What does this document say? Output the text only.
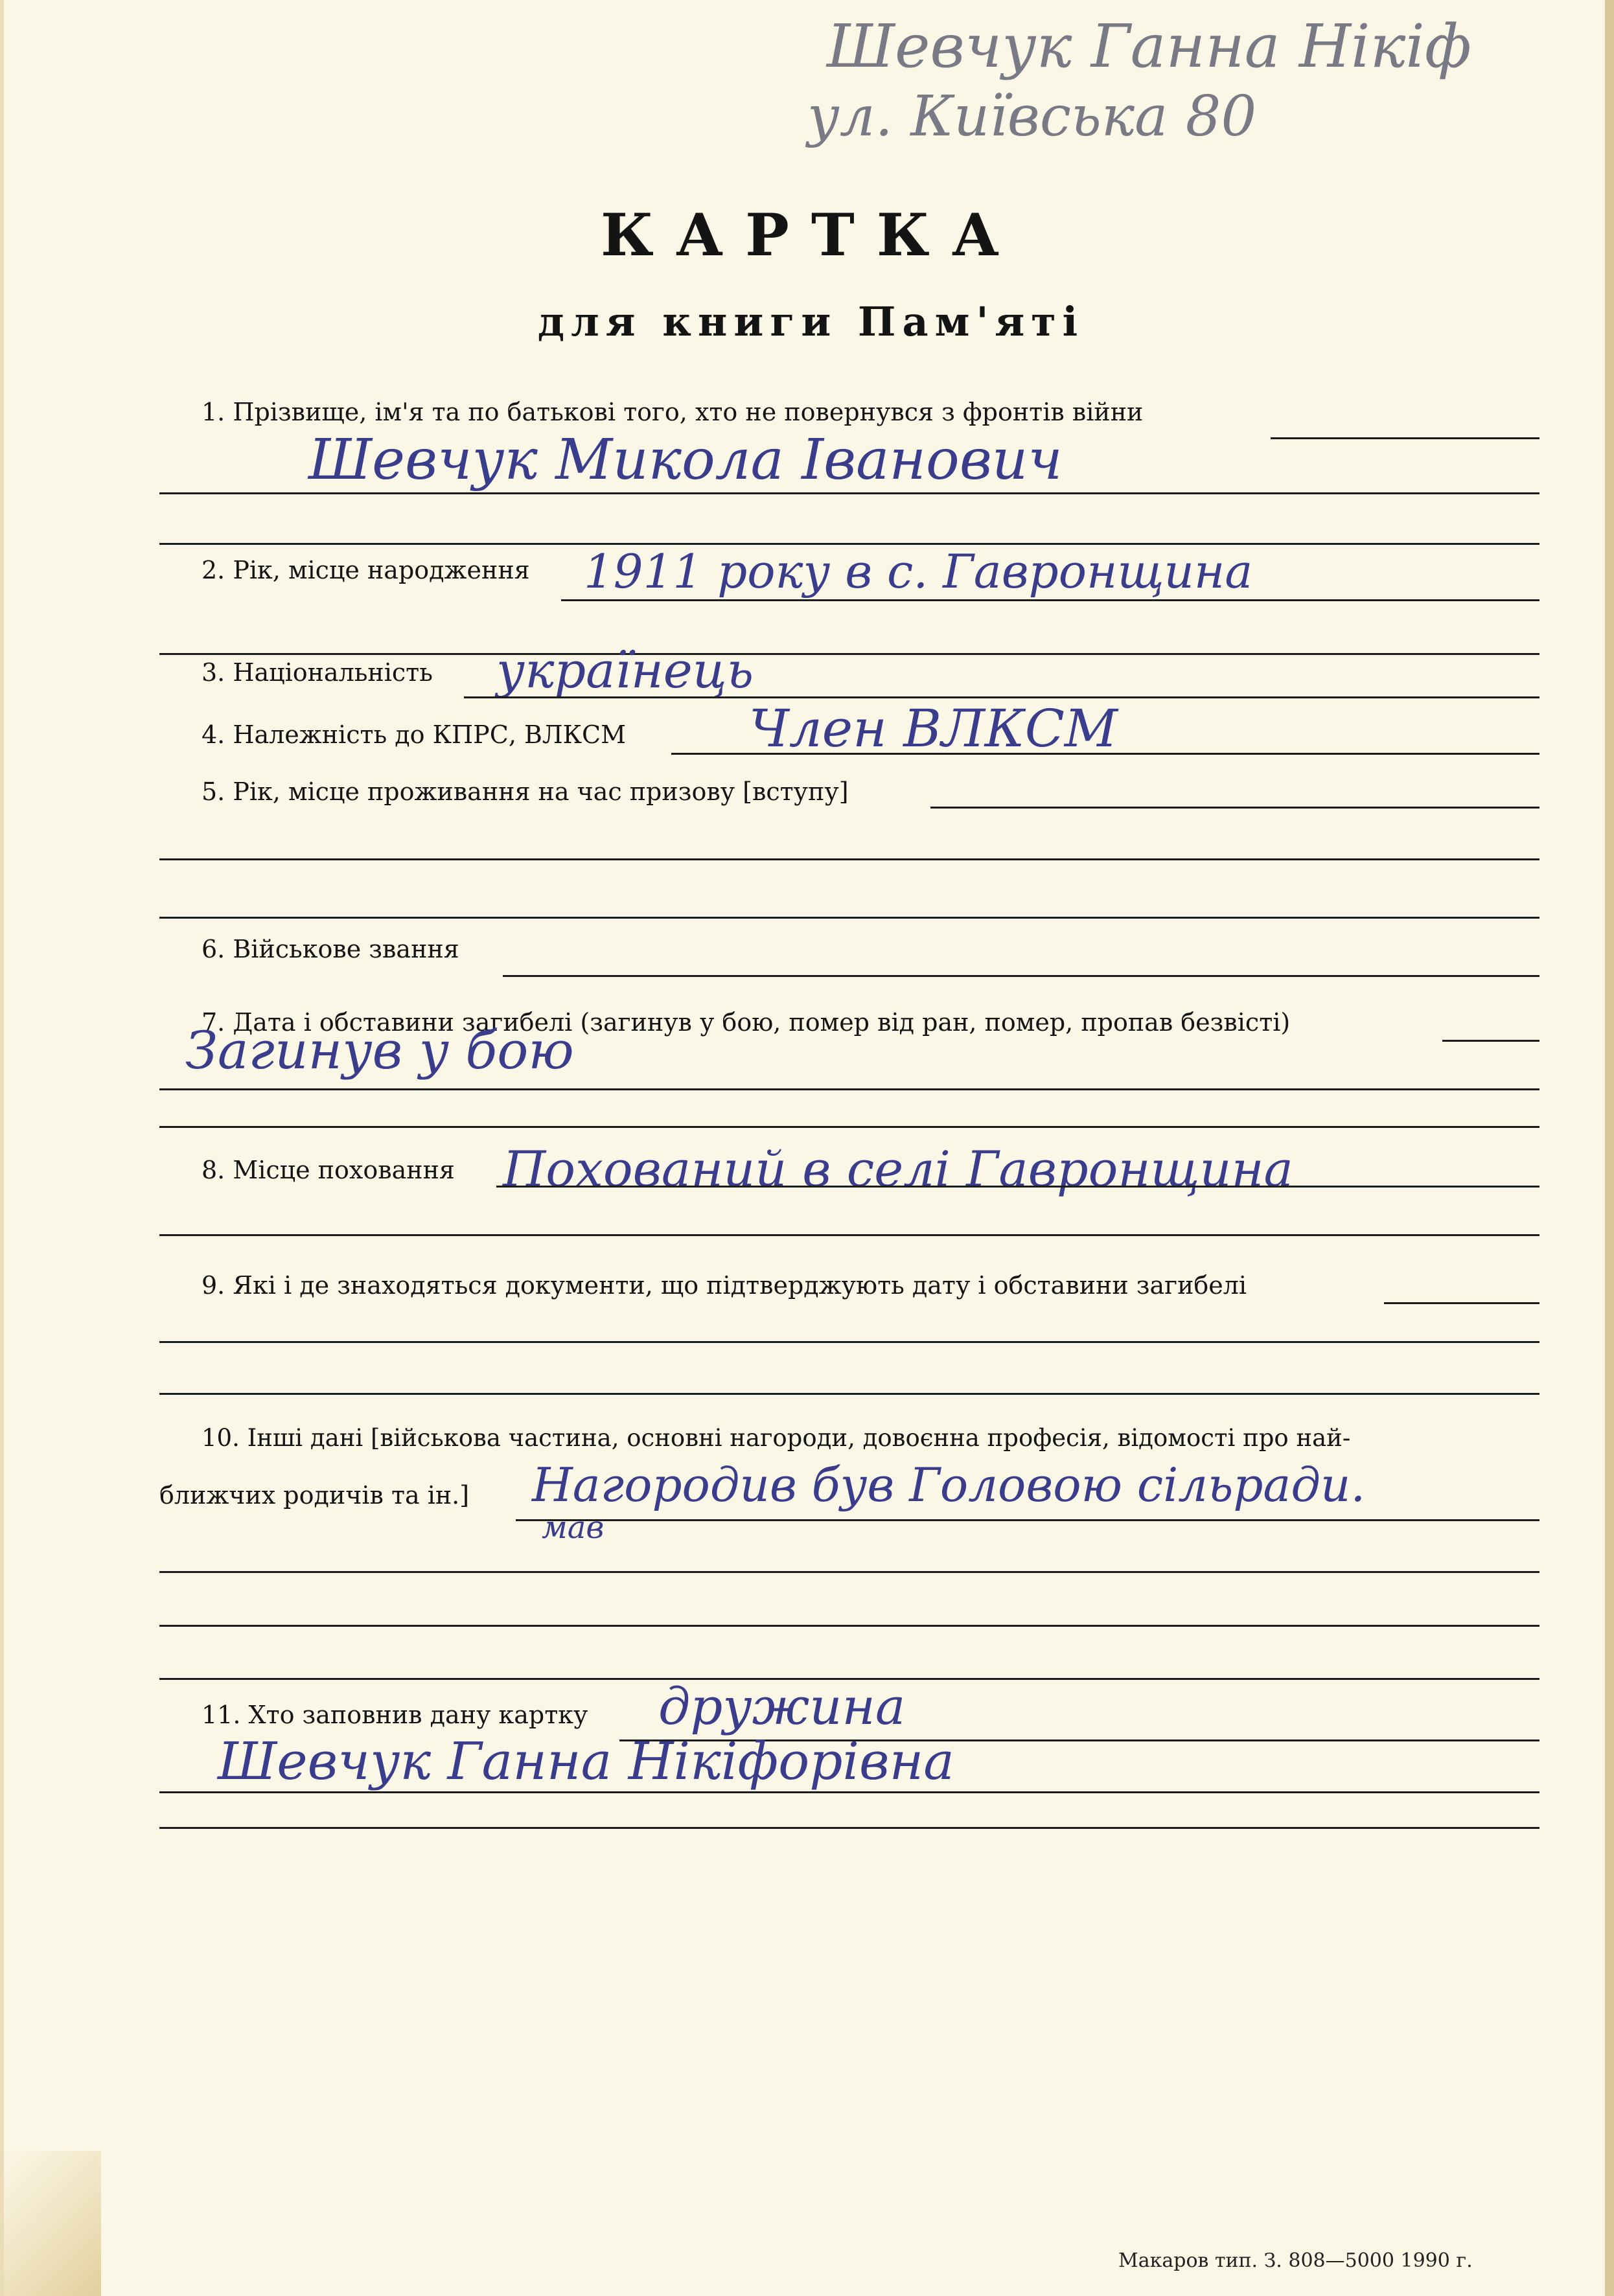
Шевчук Ганна Нікіф
ул. Київська 80
КАРТКА
для книги Пам'яті
1. Прізвище, ім'я та по батькові того, хто не повернувся з фронтів війни
Шевчук Микола Іванович
2. Рік, місце народження 1911 року в с. Гавронщина
3. Національність українець
4. Належність до КПРС, ВЛКСМ Член ВЛКСМ
5. Рік, місце проживання на час призову [вступу]
6. Військове звання
7. Дата і обставини загибелі (загинув у бою, помер від ран, помер, пропав безвісті)
Загинув у бою
8. Місце поховання Похований в селі Гавронщина
9. Які і де знаходяться документи, що підтверджують дату і обставини загибелі
10. Інші дані [військова частина, основні нагороди, довоєнна професія, відомості про най-
ближчих родичів та ін.] Нагородив був Головою сільради.
мав
11. Хто заповнив дану картку дружина
Шевчук Ганна Нікіфорівна
Макаров тип. З. 808—5000 1990 г.
